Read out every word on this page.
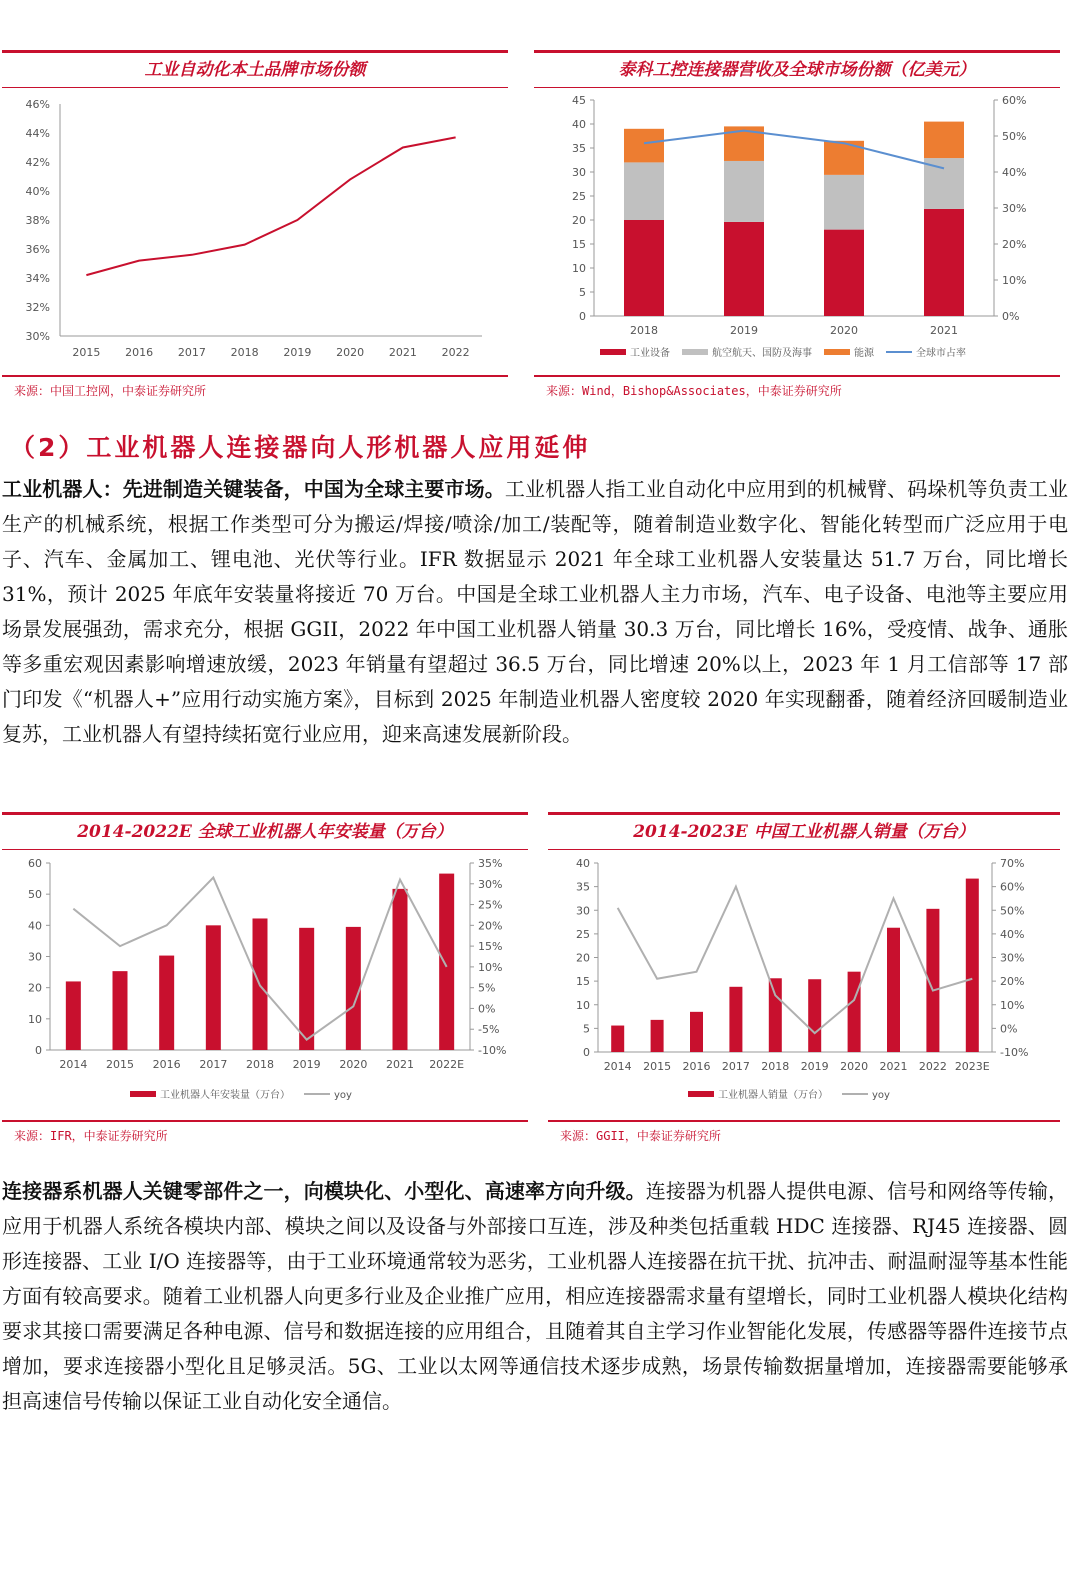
工业自动化本土品牌市场份额
30%
32%
34%
36%
38%
40%
42%
44%
46%
2015 2016 2017 2018 2019 2020 2021 2022
来源：中国工控网，中泰证券研究所
泰科工控连接器营收及全球市场份额（亿美元）
0
5
10
15
20
25
30
35
40
45
0%
10%
20%
30%
40%
50%
60%
2018	2019	2020	2021
工业设备	航空航天、国防及海事	能源	全球市占率
来源：Wind，Bishop&Associates，中泰证券研究所
（2）工业机器人连接器向人形机器人应用延伸

工业机器人：先进制造关键装备，中国为全球主要市场。工业机器人指工业自动化中应用到的机械臂、码垛机等负责工业生产的机械系统，根据工作类型可分为搬运/焊接/喷涂/加工/装配等，随着制造业数字化、智能化转型而广泛应用于电子、汽车、金属加工、锂电池、光伏等行业。IFR 数据显示 2021 年全球工业机器人安装量达 51.7 万台，同比增长 31%，预计 2025 年底年安装量将接近 70 万台。中国是全球工业机器人主力市场，汽车、电子设备、电池等主要应用场景发展强劲，需求充分，根据 GGII，2022 年中国工业机器人销量 30.3 万台，同比增长 16%，受疫情、战争、通胀等多重宏观因素影响增速放缓，2023 年销量有望超过 36.5 万台，同比增速 20%以上，2023 年 1 月工信部等 17 部门印发《“机器人+”应用行动实施方案》，目标到 2025 年制造业机器人密度较 2020 年实现翻番，随着经济回暖制造业复苏，工业机器人有望持续拓宽行业应用，迎来高速发展新阶段。

2014-2022E 全球工业机器人年安装量（万台）
0
10
20
30
40
50
60
-10%
-5%
0%
5%
10%
15%
20%
25%
30%
35%
2014 2015 2016 2017 2018 2019 2020 2021 2022E
工业机器人年安装量（万台）	yoy
来源：IFR，中泰证券研究所
2014-2023E 中国工业机器人销量（万台）
0
5
10
15
20
25
30
35
40
-10%
0%
10%
20%
30%
40%
50%
60%
70%
2014 2015 2016 2017 2018 2019 2020 2021 2022 2023E
工业机器人销量（万台）	yoy
来源：GGII，中泰证券研究所

连接器系机器人关键零部件之一，向模块化、小型化、高速率方向升级。连接器为机器人提供电源、信号和网络等传输，应用于机器人系统各模块内部、模块之间以及设备与外部接口互连，涉及种类包括重载 HDC 连接器、RJ45 连接器、圆形连接器、工业 I/O 连接器等，由于工业环境通常较为恶劣，工业机器人连接器在抗干扰、抗冲击、耐温耐湿等基本性能方面有较高要求。随着工业机器人向更多行业及企业推广应用，相应连接器需求量有望增长，同时工业机器人模块化结构要求其接口需要满足各种电源、信号和数据连接的应用组合，且随着其自主学习作业智能化发展，传感器等器件连接节点增加，要求连接器小型化且足够灵活。5G、工业以太网等通信技术逐步成熟，场景传输数据量增加，连接器需要能够承担高速信号传输以保证工业自动化安全通信。
